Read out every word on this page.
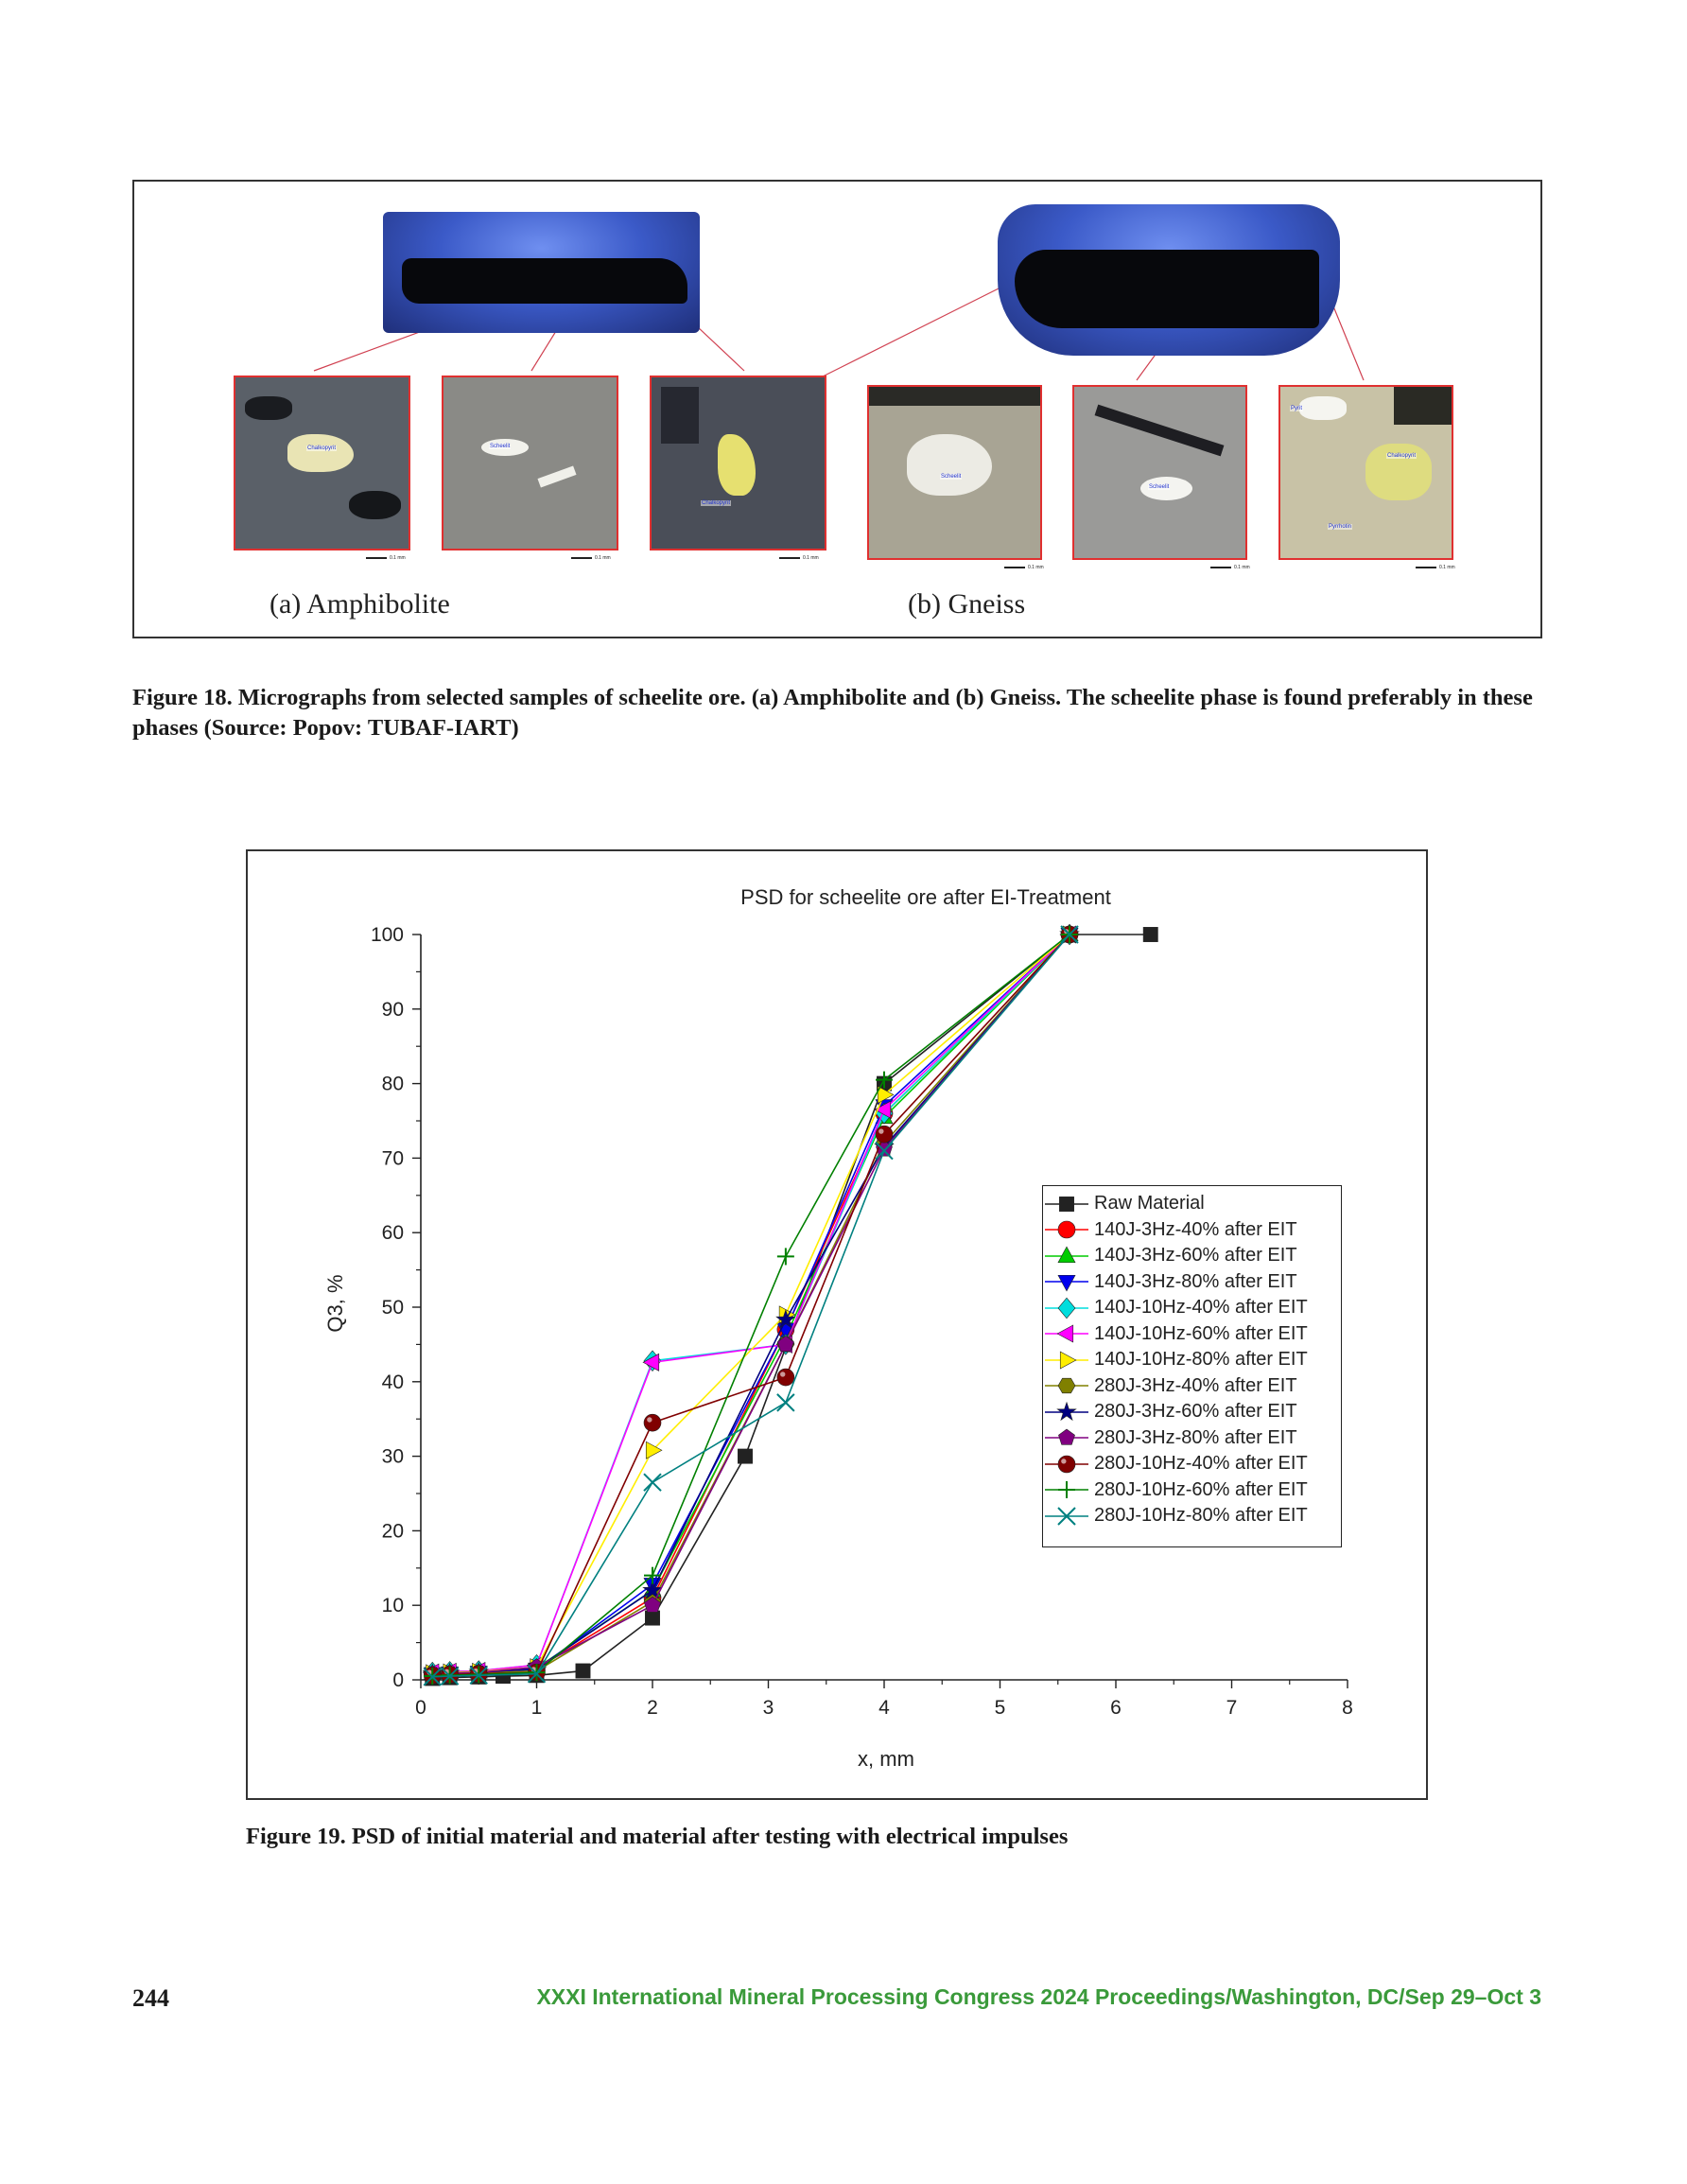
Chalkopyrit	Scheelit
Chalkopyrit
Scheelit
Scheelit
Pyrit
Chalkopyrit
Pyrrhotin
0.1 mm	0.1 mm	0.1 mm
0.1 mm	0.1 mm	0.1 mm
(a) Amphibolite	(b) Gneiss
Figure 18. Micrographs from selected samples of scheelite ore. (a) Amphibolite and (b) Gneiss. The scheelite phase is found preferably in these phases (Source: Popov: TUBAF-IART)
PSD for scheelite ore after EI-Treatment
0	1	2	3	4	5	6	7	8
0
10
20
30
40
50
60
70
80
90
100
x, mm
Q3, %
Raw Material
140J-3Hz-40% after EIT
140J-3Hz-60% after EIT
140J-3Hz-80% after EIT
140J-10Hz-40% after EIT
140J-10Hz-60% after EIT
140J-10Hz-80% after EIT
280J-3Hz-40% after EIT
280J-3Hz-60% after EIT
280J-3Hz-80% after EIT
280J-10Hz-40% after EIT
280J-10Hz-60% after EIT
280J-10Hz-80% after EIT
Figure 19. PSD of initial material and material after testing with electrical impulses
244	XXXI International Mineral Processing Congress 2024 Proceedings/Washington, DC/Sep 29–Oct 3
